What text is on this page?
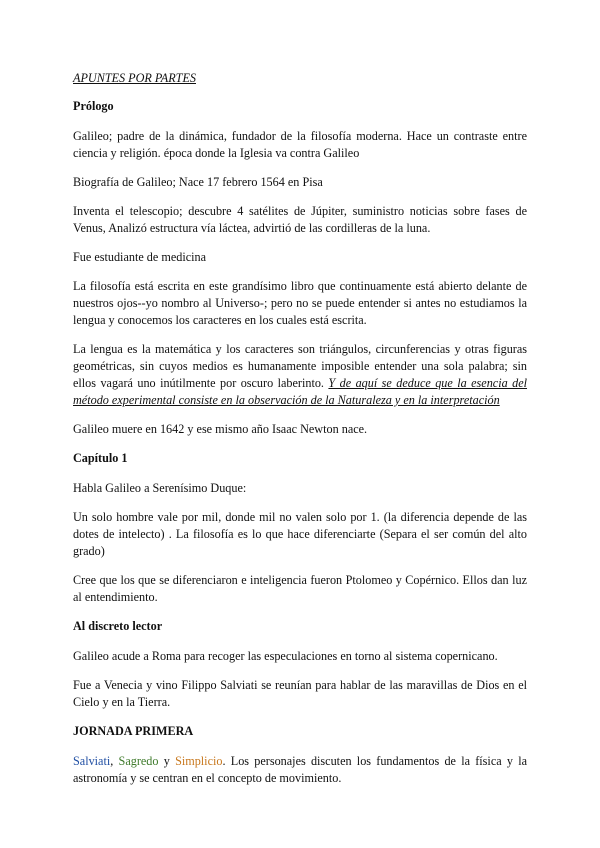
APUNTES POR PARTES

Prólogo

Galileo; padre de la dinámica, fundador de la filosofía moderna. Hace un contraste entre ciencia y religión. época donde la Iglesia va contra Galileo

Biografía de Galileo; Nace 17 febrero 1564 en Pisa

Inventa el telescopio; descubre 4 satélites de Júpiter, suministro noticias sobre fases de Venus, Analizó estructura vía láctea, advirtió de las cordilleras de la luna.

Fue estudiante de medicina

La filosofía está escrita en este grandísimo libro que continuamente está abierto delante de nuestros ojos--yo nombro al Universo-; pero no se puede entender si antes no estudiamos la lengua y conocemos los caracteres en los cuales está escrita.

La lengua es la matemática y los caracteres son triángulos, circunferencias y otras figuras geométricas, sin cuyos medios es humanamente imposible entender una sola palabra; sin ellos vagará uno inútilmente por oscuro laberinto. Y de aquí se deduce que la esencia del método experimental consiste en la observación de la Naturaleza y en la interpretación

Galileo muere en 1642 y ese mismo año Isaac Newton nace.

Capítulo 1

Habla Galileo a Serenísimo Duque:

Un solo hombre vale por mil, donde mil no valen solo por 1. (la diferencia depende de las dotes de intelecto) . La filosofía es lo que hace diferenciarte (Separa el ser común del alto grado)

Cree que los que se diferenciaron e inteligencia fueron Ptolomeo y Copérnico. Ellos dan luz al entendimiento.

Al discreto lector

Galileo acude a Roma para recoger las especulaciones en torno al sistema copernicano.

Fue a Venecia y vino Filippo Salviati se reunían para hablar de las maravillas de Dios en el Cielo y en la Tierra.

JORNADA PRIMERA

Salviati, Sagredo y Simplicio. Los personajes discuten los fundamentos de la física y la astronomía y se centran en el concepto de movimiento.
